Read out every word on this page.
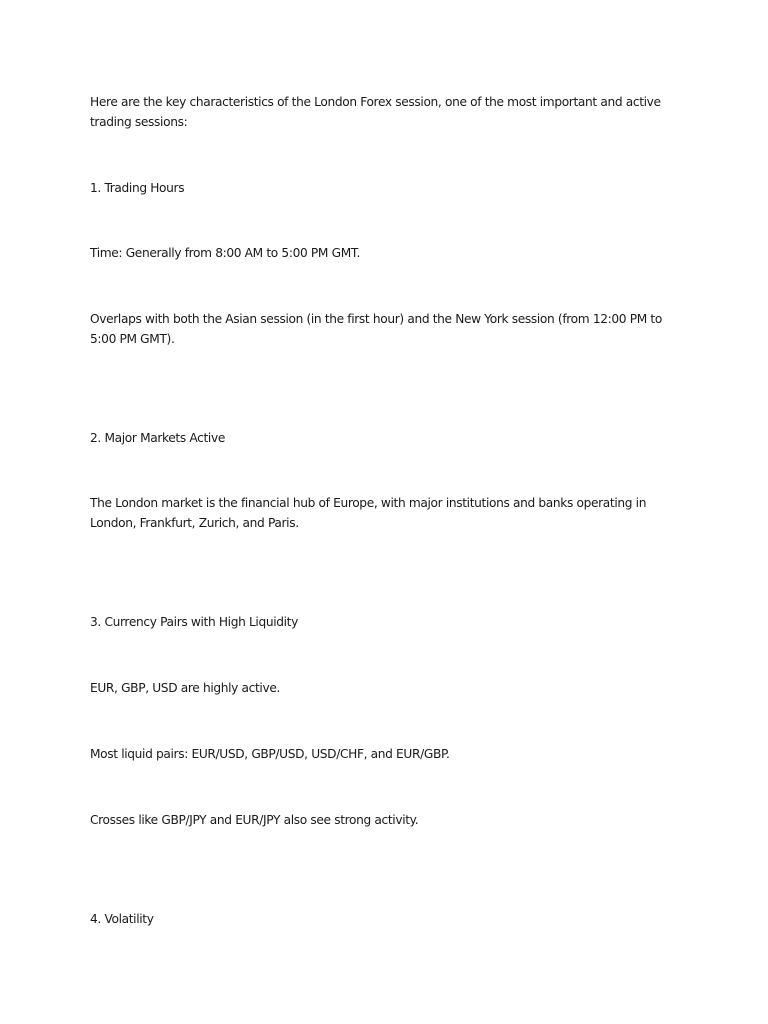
Here are the key characteristics of the London Forex session, one of the most important and active trading sessions:

1. Trading Hours

Time: Generally from 8:00 AM to 5:00 PM GMT.

Overlaps with both the Asian session (in the first hour) and the New York session (from 12:00 PM to 5:00 PM GMT).

2. Major Markets Active

The London market is the financial hub of Europe, with major institutions and banks operating in London, Frankfurt, Zurich, and Paris.

3. Currency Pairs with High Liquidity

EUR, GBP, USD are highly active.

Most liquid pairs: EUR/USD, GBP/USD, USD/CHF, and EUR/GBP.

Crosses like GBP/JPY and EUR/JPY also see strong activity.

4. Volatility
